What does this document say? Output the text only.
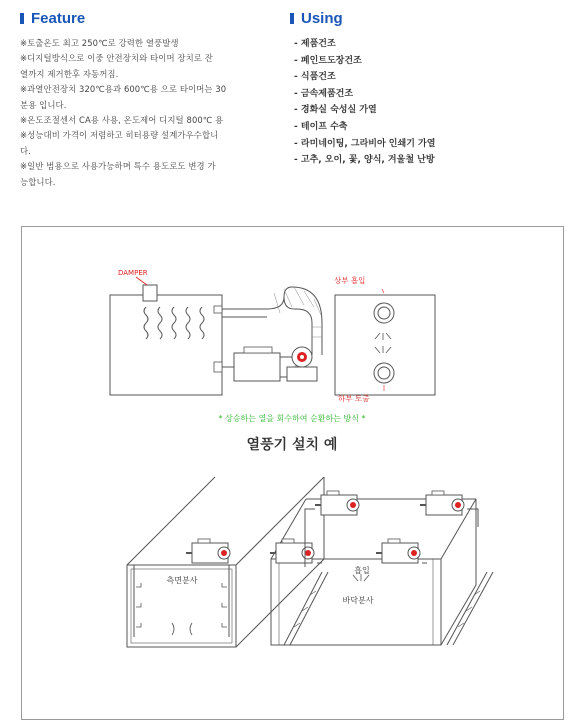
Feature

※토출온도 최고 250℃로 강력한 열풍발생

※디지털방식으로 이중 안전장치와 타이머 장치로 잔

열까지 제거한후 자동꺼짐.

※과열안전장치 320℃용과 600℃용 으로 타이머는 30

분용 입니다.

※온도조절센서 CA용 사용, 온도제어 디지털 800℃ 용

※성능대비 가격이 저렴하고 히터용량 설계가우수합니

다.

※일반 범용으로 사용가능하며 특수 용도로도 변경 가

능합니다.

Using
- 제품건조
- 페인트도장건조
- 식품건조
- 금속제품건조
- 경화실 숙성실 가열
- 테이프 수축
- 라미네이팅, 그라비아 인쇄기 가열
- 고추, 오이, 꽃, 양식, 겨울철 난방
DAMPER
상부 흡입
하부 토출
* 상승하는 열을 회수하여 순환하는 방식 *
열풍기 설치 예
측면분사
흡입
바닥분사
